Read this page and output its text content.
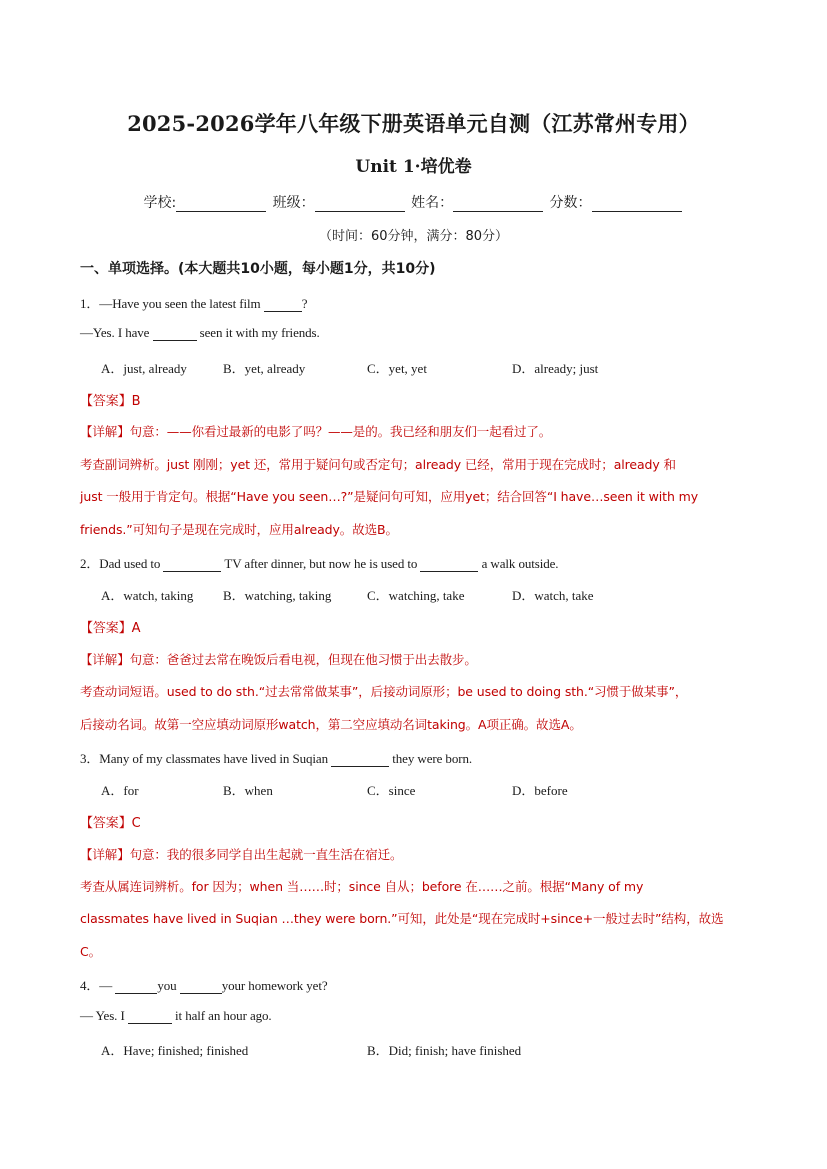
2025-2026学年八年级下册英语单元自测（江苏常州专用）
Unit 1·培优卷
学校:	班级：	姓名：	分数：
（时间：60分钟，满分：80分）
一、单项选择。(本大题共10小题，每小题1分，共10分)
1．—Have you seen the latest film	?
—Yes. I have	seen it with my friends.
A．just, already	B．yet, already	C．yet, yet	D．already; just
【答案】B
【详解】句意：——你看过最新的电影了吗？——是的。我已经和朋友们一起看过了。
考查副词辨析。just 刚刚；yet 还，常用于疑问句或否定句；already 已经，常用于现在完成时；already 和
just 一般用于肯定句。根据“Have you seen…?”是疑问句可知，应用yet；结合回答“I have…seen it with my
friends.”可知句子是现在完成时，应用already。故选B。
2．Dad used to	TV after dinner, but now he is used to	a walk outside.
A．watch, taking B．watching, taking	C．watching, take	D．watch, take
【答案】A
【详解】句意：爸爸过去常在晚饭后看电视，但现在他习惯于出去散步。
考查动词短语。used to do sth.“过去常常做某事”，后接动词原形；be used to doing sth.“习惯于做某事”，
后接动名词。故第一空应填动词原形watch，第二空应填动名词taking。A项正确。故选A。
3．Many of my classmates have lived in Suqian	they were born.
A．for	B．when	C．since	D．before
【答案】C
【详解】句意：我的很多同学自出生起就一直生活在宿迁。
考查从属连词辨析。for 因为；when 当……时；since 自从；before 在……之前。根据“Many of my
classmates have lived in Suqian …they were born.”可知，此处是“现在完成时+since+一般过去时”结构，故选
C。
4．—	you	your homework yet?
— Yes. I	it half an hour ago.
A．Have; finished; finished	B．Did; finish; have finished
